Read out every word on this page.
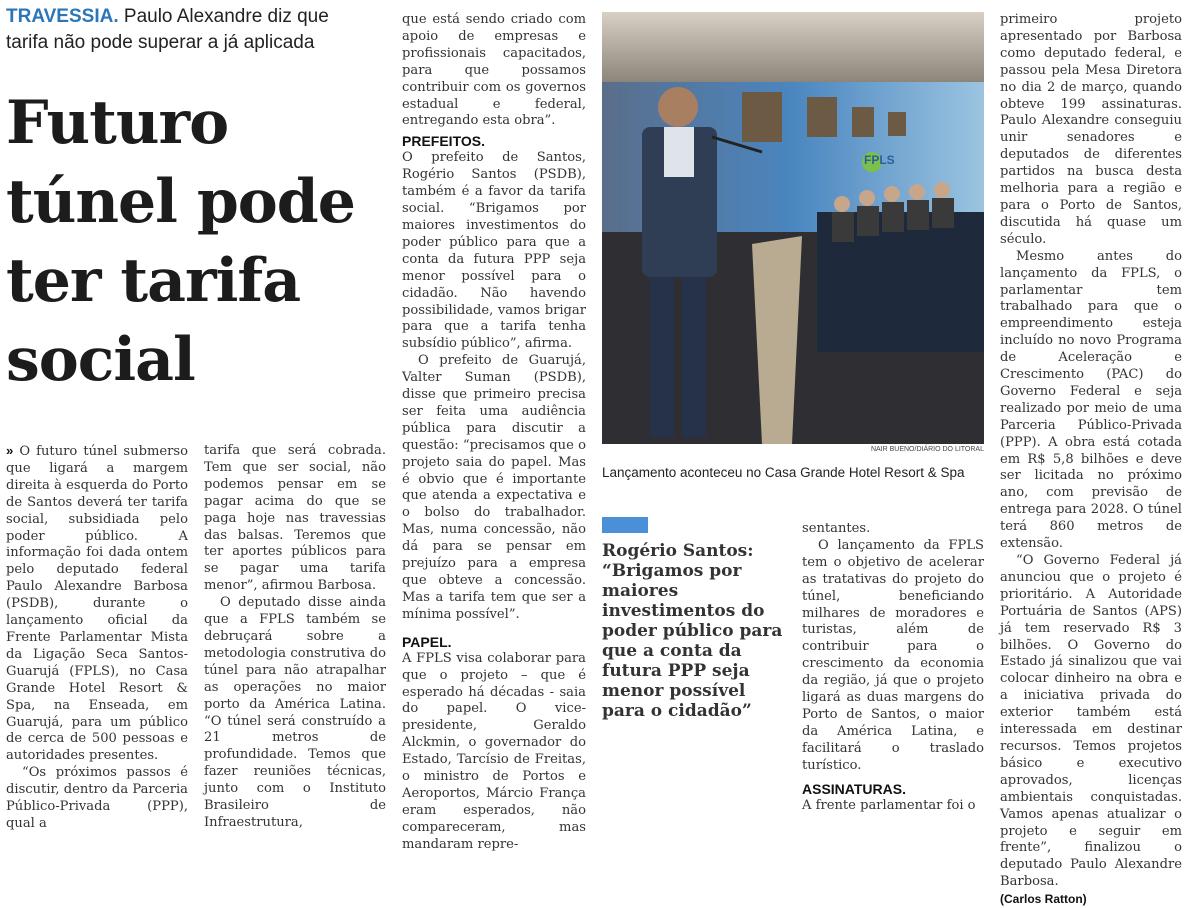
TRAVESSIA. Paulo Alexandre diz que tarifa não pode superar a já aplicada
Futuro túnel pode ter tarifa social

» O futuro túnel submerso que ligará a margem direita à esquerda do Porto de Santos deverá ter tarifa social, subsidiada pelo poder público. A informação foi dada ontem pelo deputado federal Paulo Alexandre Barbosa (PSDB), durante o lançamento oficial da Frente Parlamentar Mista da Ligação Seca Santos-Guarujá (FPLS), no Casa Grande Hotel Resort & Spa, na Enseada, em Guarujá, para um público de cerca de 500 pessoas e autoridades presentes.

“Os próximos passos é discutir, dentro da Parceria Público-Privada (PPP), qual a

tarifa que será cobrada. Tem que ser social, não podemos pensar em se pagar acima do que se paga hoje nas travessias das balsas. Teremos que ter aportes públicos para se pagar uma tarifa menor”, afirmou Barbosa.

O deputado disse ainda que a FPLS também se debruçará sobre a metodologia construtiva do túnel para não atrapalhar as operações no maior porto da América Latina. “O túnel será construído a 21 metros de profundidade. Temos que fazer reuniões técnicas, junto com o Instituto Brasileiro de Infraestrutura,

que está sendo criado com apoio de empresas e profissionais capacitados, para que possamos contribuir com os governos estadual e federal, entregando esta obra”.

PREFEITOS.

O prefeito de Santos, Rogério Santos (PSDB), também é a favor da tarifa social. “Brigamos por maiores investimentos do poder público para que a conta da futura PPP seja menor possível para o cidadão. Não havendo possibilidade, vamos brigar para que a tarifa tenha subsídio público”, afirma.

O prefeito de Guarujá, Valter Suman (PSDB), disse que primeiro precisa ser feita uma audiência pública para discutir a questão: “precisamos que o projeto saia do papel. Mas é obvio que é importante que atenda a expectativa e o bolso do trabalhador. Mas, numa concessão, não dá para se pensar em prejuízo para a empresa que obteve a concessão. Mas a tarifa tem que ser a mínima possível”.

PAPEL.

A FPLS visa colaborar para que o projeto – que é esperado há décadas - saia do papel. O vice-presidente, Geraldo Alckmin, o governador do Estado, Tarcísio de Freitas, o ministro de Portos e Aeroportos, Márcio França eram esperados, não compareceram, mas mandaram repre-

FPLS
NAIR BUENO/DIÁRIO DO LITORAL
Lançamento aconteceu no Casa Grande Hotel Resort & Spa
Rogério Santos: “Brigamos por maiores investimentos do poder público para que a conta da futura PPP seja menor possível para o cidadão”

sentantes.

O lançamento da FPLS tem o objetivo de acelerar as tratativas do projeto do túnel, beneficiando milhares de moradores e turistas, além de contribuir para o crescimento da economia da região, já que o projeto ligará as duas margens do Porto de Santos, o maior da América Latina, e facilitará o traslado turístico.

ASSINATURAS.

A frente parlamentar foi o

primeiro projeto apresentado por Barbosa como deputado federal, e passou pela Mesa Diretora no dia 2 de março, quando obteve 199 assinaturas. Paulo Alexandre conseguiu unir senadores e deputados de diferentes partidos na busca desta melhoria para a região e para o Porto de Santos, discutida há quase um século.

Mesmo antes do lançamento da FPLS, o parlamentar tem trabalhado para que o empreendimento esteja incluído no novo Programa de Aceleração e Crescimento (PAC) do Governo Federal e seja realizado por meio de uma Parceria Público-Privada (PPP). A obra está cotada em R$ 5,8 bilhões e deve ser licitada no próximo ano, com previsão de entrega para 2028. O túnel terá 860 metros de extensão.

“O Governo Federal já anunciou que o projeto é prioritário. A Autoridade Portuária de Santos (APS) já tem reservado R$ 3 bilhões. O Governo do Estado já sinalizou que vai colocar dinheiro na obra e a iniciativa privada do exterior também está interessada em destinar recursos. Temos projetos básico e executivo aprovados, licenças ambientais conquistadas. Vamos apenas atualizar o projeto e seguir em frente”, finalizou o deputado Paulo Alexandre Barbosa.

(Carlos Ratton)
